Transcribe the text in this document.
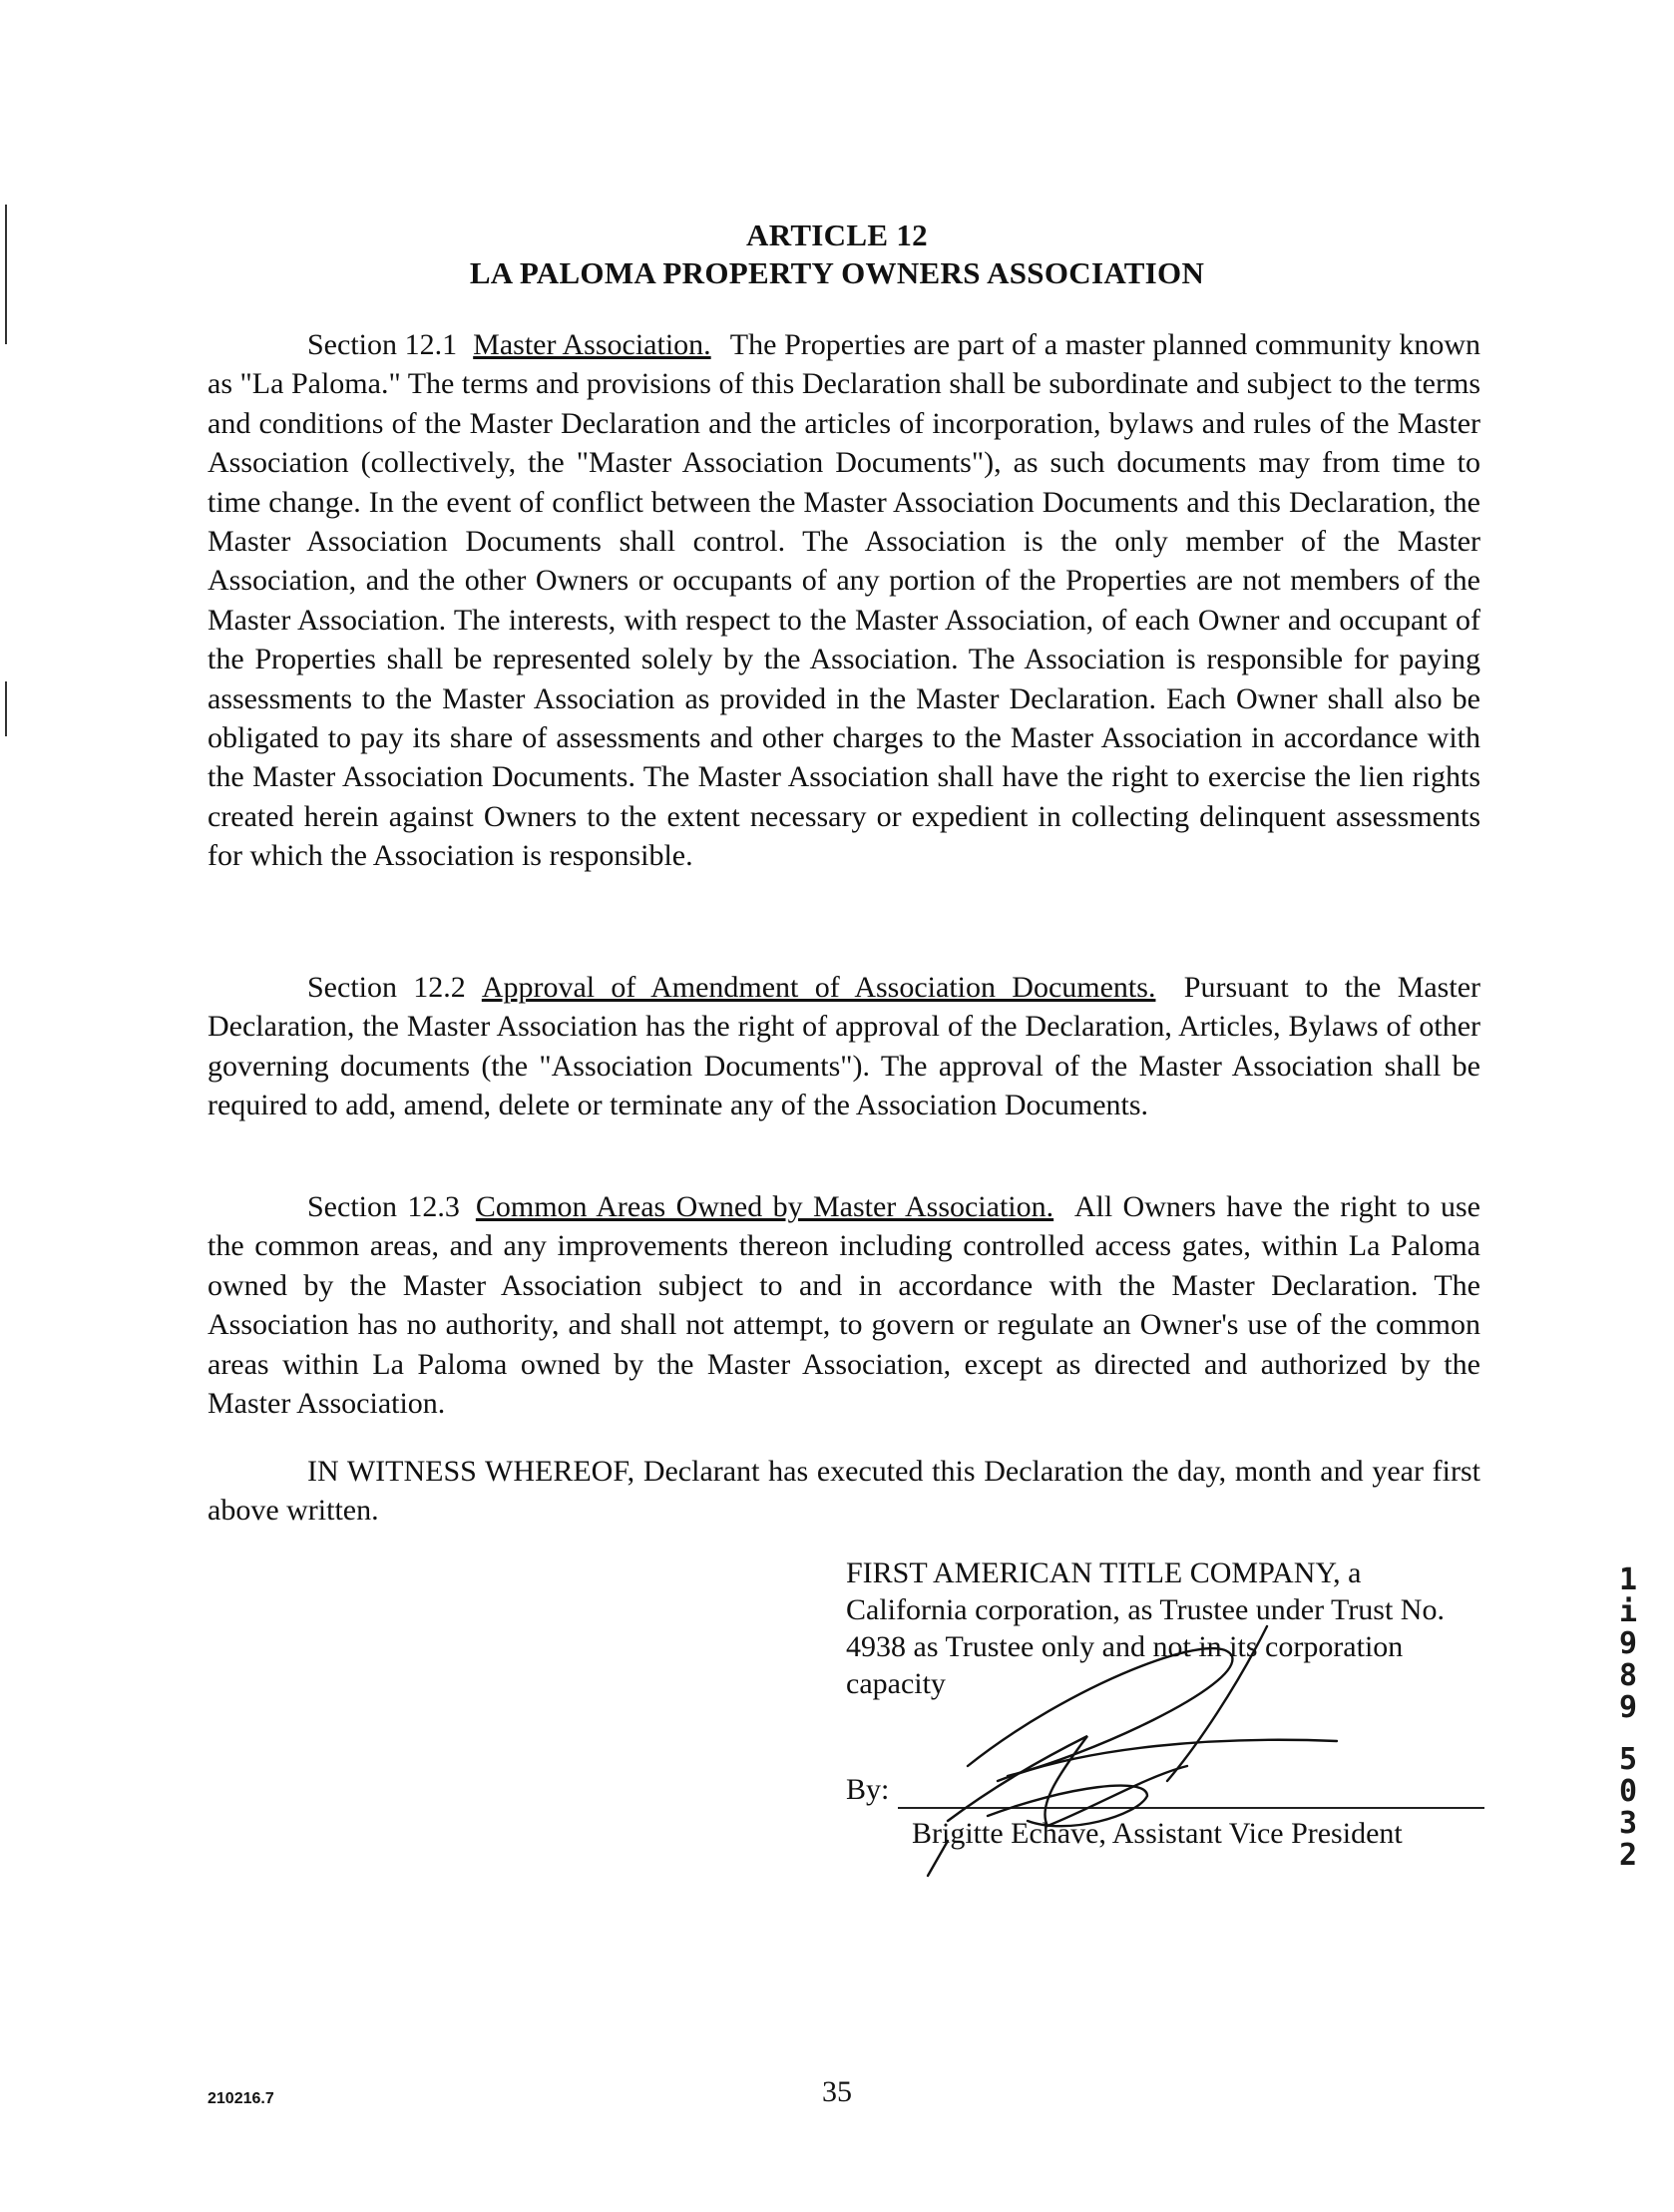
ARTICLE 12
LA PALOMA PROPERTY OWNERS ASSOCIATION

Section 12.1 Master Association. The Properties are part of a master planned community known as "La Paloma." The terms and provisions of this Declaration shall be subordinate and subject to the terms and conditions of the Master Declaration and the articles of incorporation, bylaws and rules of the Master Association (collectively, the "Master Association Documents"), as such documents may from time to time change. In the event of conflict between the Master Association Documents and this Declaration, the Master Association Documents shall control. The Association is the only member of the Master Association, and the other Owners or occupants of any portion of the Properties are not members of the Master Association. The interests, with respect to the Master Association, of each Owner and occupant of the Properties shall be represented solely by the Association. The Association is responsible for paying assessments to the Master Association as provided in the Master Declaration. Each Owner shall also be obligated to pay its share of assessments and other charges to the Master Association in accordance with the Master Association Documents. The Master Association shall have the right to exercise the lien rights created herein against Owners to the extent necessary or expedient in collecting delinquent assessments for which the Association is responsible.

Section 12.2 Approval of Amendment of Association Documents. Pursuant to the Master Declaration, the Master Association has the right of approval of the Declaration, Articles, Bylaws of other governing documents (the "Association Documents"). The approval of the Master Association shall be required to add, amend, delete or terminate any of the Association Documents.

Section 12.3 Common Areas Owned by Master Association. All Owners have the right to use the common areas, and any improvements thereon including controlled access gates, within La Paloma owned by the Master Association subject to and in accordance with the Master Declaration. The Association has no authority, and shall not attempt, to govern or regulate an Owner's use of the common areas within La Paloma owned by the Master Association, except as directed and authorized by the Master Association.

IN WITNESS WHEREOF, Declarant has executed this Declaration the day, month and year first above written.

FIRST AMERICAN TITLE COMPANY, a California corporation, as Trustee under Trust No. 4938 as Trustee only and not in its corporation capacity
By:
Brigitte Echave, Assistant Vice President
210216.7	35
1
i
9
8
9
5
0
3
2
